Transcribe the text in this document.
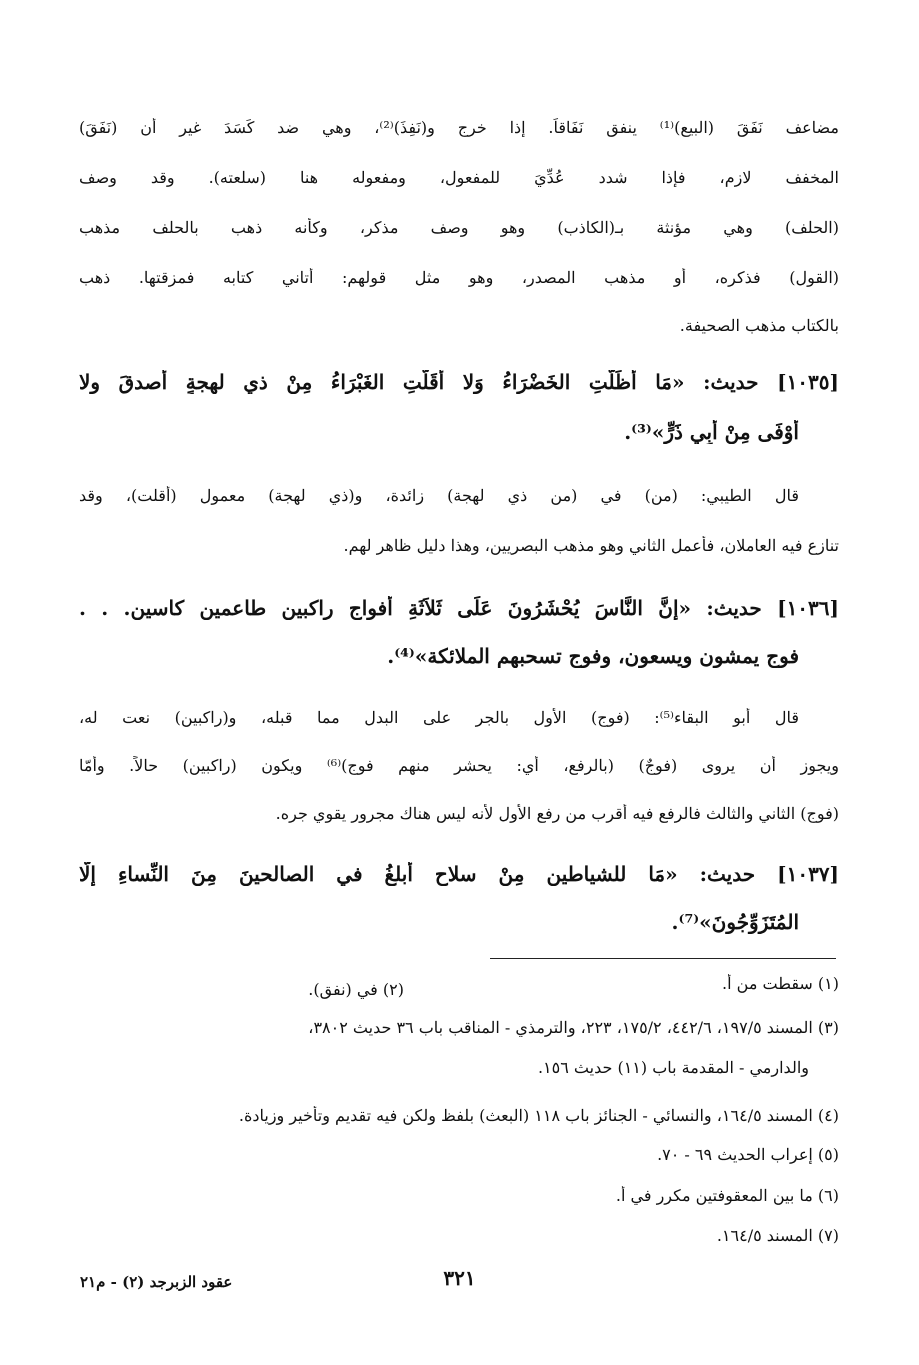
مضاعف نَفَقَ (البيع)⁽¹⁾ ينفق نَفَاقاً. إذا خرج و(نَفِذَ)⁽²⁾، وهي ضد كَسَدَ غير أن (نَفَقَ)
المخفف لازم، فإذا شدد عُدِّيَ للمفعول، ومفعوله هنا (سلعته). وقد وصف
(الحلف) وهي مؤنثة بـ(الكاذب) وهو وصف مذكر، وكأنه ذهب بالحلف مذهب
(القول) فذكره، أو مذهب المصدر، وهو مثل قولهم: أتاني كتابه فمزقتها. ذهب
بالكتاب مذهب الصحيفة.
[١٠٣٥] حديث: «مَا أَظَلَّتِ الخَضْرَاءُ وَلا أَقَلَّتِ الغَبْرَاءُ مِنْ ذي لهجةٍ أصدقَ ولا
أَوْفَى مِنْ أَبِي ذَرٍّ»⁽³⁾.
قال الطيبي: (من) في (من ذي لهجة) زائدة، و(ذي لهجة) معمول (أقلت)، وقد
تنازع فيه العاملان، فأعمل الثاني وهو مذهب البصريين، وهذا دليل ظاهر لهم.
[١٠٣٦] حديث: «إِنَّ النَّاسَ يُحْشَرُونَ عَلَى ثَلاَثَةِ أفواجٍ راكبين طاعمين كاسين. . .
فوج يمشون ويسعون، وفوج تسحبهم الملائكة»⁽⁴⁾.
قال أبو البقاء⁽⁵⁾: (فوجٍ) الأول بالجر على البدل مما قبله، و(راكبين) نعت له،
ويجوز أن يروى (فوجٌ) (بالرفع، أي: يحشر منهم فوج)⁽⁶⁾ ويكون (راكبين) حالاً. وأمّا
(فوج) الثاني والثالث فالرفع فيه أقرب من رفع الأول لأنه ليس هناك مجرور يقوي جره.
[١٠٣٧] حديث: «مَا للشياطينِ مِنْ سلاحٍ أبلغُ في الصالحينَ مِنَ النِّساءِ إلَّا
المُتَزَوِّجُونَ»⁽⁷⁾.
(١) سقطت من أ.
(٢) في (نفق).
(٣) المسند ١٩٧/٥، ٤٤٢/٦، ١٧٥/٢، ٢٢٣، والترمذي - المناقب باب ٣٦ حديث ٣٨٠٢،
والدارمي - المقدمة باب (١١) حديث ١٥٦.
(٤) المسند ١٦٤/٥، والنسائي - الجنائز باب ١١٨ (البعث) بلفظ ولكن فيه تقديم وتأخير وزيادة.
(٥) إعراب الحديث ٦٩ - ٧٠.
(٦) ما بين المعقوفتين مكرر في أ.
(٧) المسند ١٦٤/٥.
٣٢١
عقود الزبرجد (٢) - م٢١
